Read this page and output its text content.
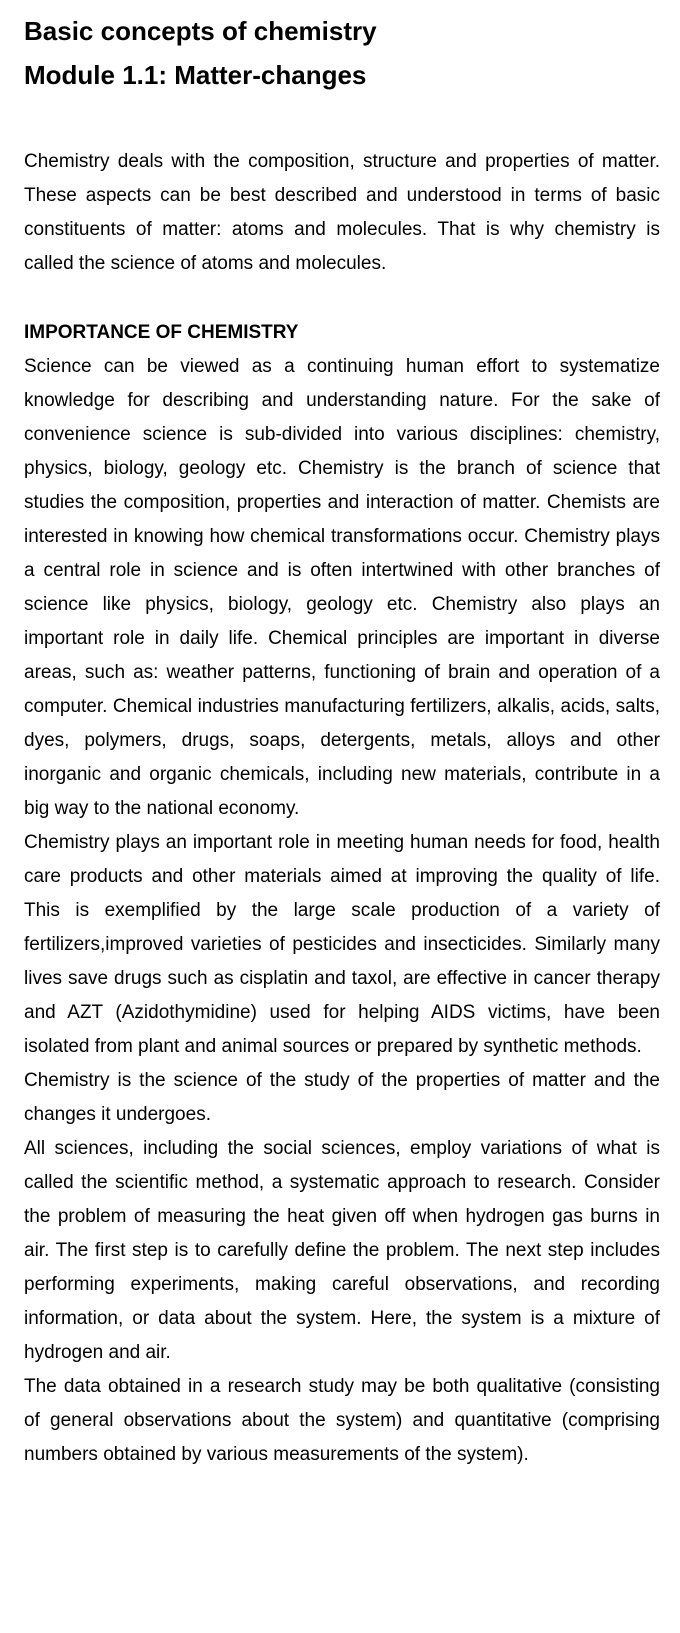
Basic concepts of chemistry
Module 1.1: Matter-changes

Chemistry deals with the composition, structure and properties of matter. These aspects can be best described and understood in terms of basic constituents of matter: atoms and molecules. That is why chemistry is called the science of atoms and molecules.

IMPORTANCE OF CHEMISTRY

Science can be viewed as a continuing human effort to systematize knowledge for describing and understanding nature. For the sake of convenience science is sub-divided into various disciplines: chemistry, physics, biology, geology etc. Chemistry is the branch of science that studies the composition, properties and interaction of matter. Chemists are interested in knowing how chemical transformations occur. Chemistry plays a central role in science and is often intertwined with other branches of science like physics, biology, geology etc. Chemistry also plays an important role in daily life. Chemical principles are important in diverse areas, such as: weather patterns, functioning of brain and operation of a computer. Chemical industries manufacturing fertilizers, alkalis, acids, salts, dyes, polymers, drugs, soaps, detergents, metals, alloys and other inorganic and organic chemicals, including new materials, contribute in a big way to the national economy.

Chemistry plays an important role in meeting human needs for food, health care products and other materials aimed at improving the quality of life. This is exemplified by the large scale production of a variety of fertilizers,improved varieties of pesticides and insecticides. Similarly many lives save drugs such as cisplatin and taxol, are effective in cancer therapy and AZT (Azidothymidine) used for helping AIDS victims, have been isolated from plant and animal sources or prepared by synthetic methods.

Chemistry is the science of the study of the properties of matter and the changes it undergoes.

All sciences, including the social sciences, employ variations of what is called the scientific method, a systematic approach to research. Consider the problem of measuring the heat given off when hydrogen gas burns in air. The first step is to carefully define the problem. The next step includes performing experiments, making careful observations, and recording information, or data about the system. Here, the system is a mixture of hydrogen and air.

The data obtained in a research study may be both qualitative (consisting of general observations about the system) and quantitative (comprising numbers obtained by various measurements of the system).
